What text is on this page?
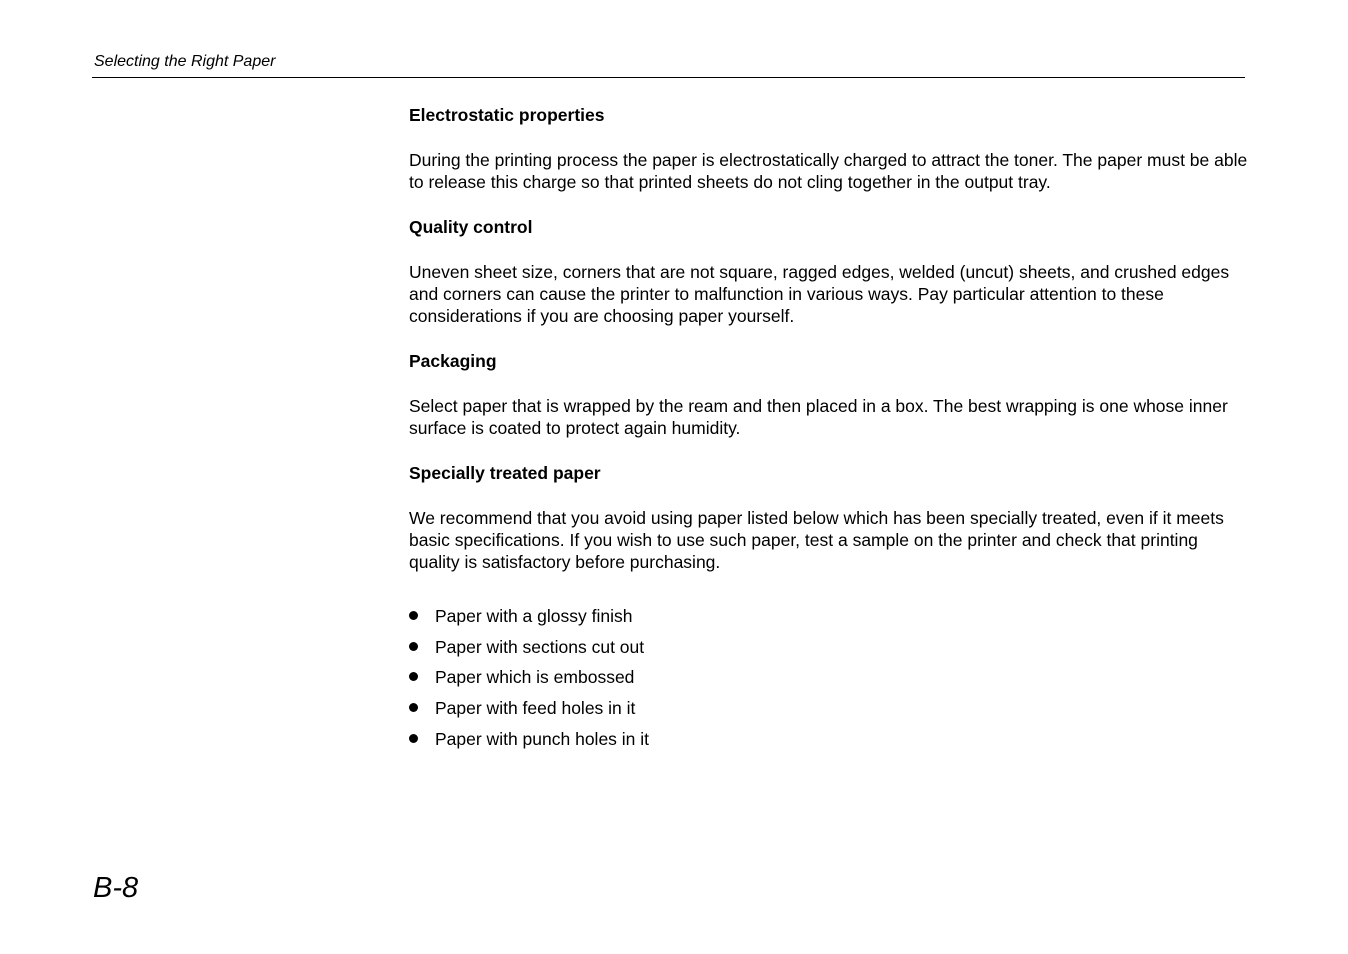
Selecting the Right Paper
Electrostatic properties
During the printing process the paper is electrostatically charged to attract the toner. The paper must be able to release this charge so that printed sheets do not cling together in the output tray.
Quality control
Uneven sheet size, corners that are not square, ragged edges, welded (uncut) sheets, and crushed edges and corners can cause the printer to malfunction in various ways. Pay particular attention to these considerations if you are choosing paper yourself.
Packaging
Select paper that is wrapped by the ream and then placed in a box. The best wrapping is one whose inner surface is coated to protect again humidity.
Specially treated paper
We recommend that you avoid using paper listed below which has been specially treated, even if it meets basic specifications. If you wish to use such paper, test a sample on the printer and check that printing quality is satisfactory before purchasing.
Paper with a glossy finish
Paper with sections cut out
Paper which is embossed
Paper with feed holes in it
Paper with punch holes in it
B-8
